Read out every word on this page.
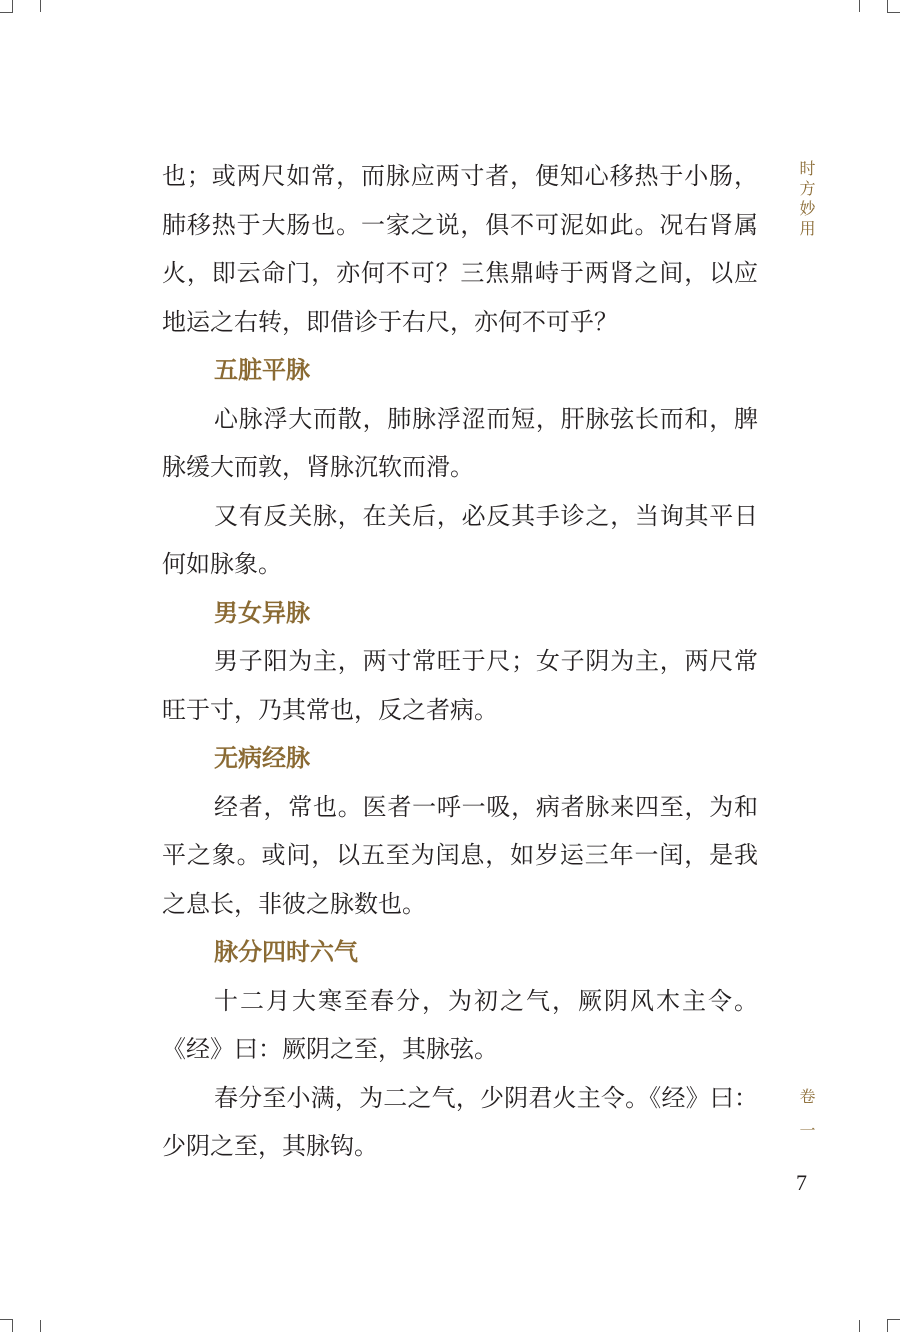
也；或两尺如常，而脉应两寸者，便知心移热于小肠，肺移热于大肠也。一家之说，俱不可泥如此。况右肾属火，即云命门，亦何不可？三焦鼎峙于两肾之间，以应地运之右转，即借诊于右尺，亦何不可乎？

五脏平脉

心脉浮大而散，肺脉浮涩而短，肝脉弦长而和，脾脉缓大而敦，肾脉沉软而滑。

又有反关脉，在关后，必反其手诊之，当询其平日何如脉象。

男女异脉

男子阳为主，两寸常旺于尺；女子阴为主，两尺常旺于寸，乃其常也，反之者病。

无病经脉

经者，常也。医者一呼一吸，病者脉来四至，为和平之象。或问，以五至为闰息，如岁运三年一闰，是我之息长，非彼之脉数也。

脉分四时六气

十二月大寒至春分，为初之气，厥阴风木主令。《经》曰：厥阴之至，其脉弦。

春分至小满，为二之气，少阴君火主令。《经》曰：少阴之至，其脉钩。

时方妙用
卷一
7
